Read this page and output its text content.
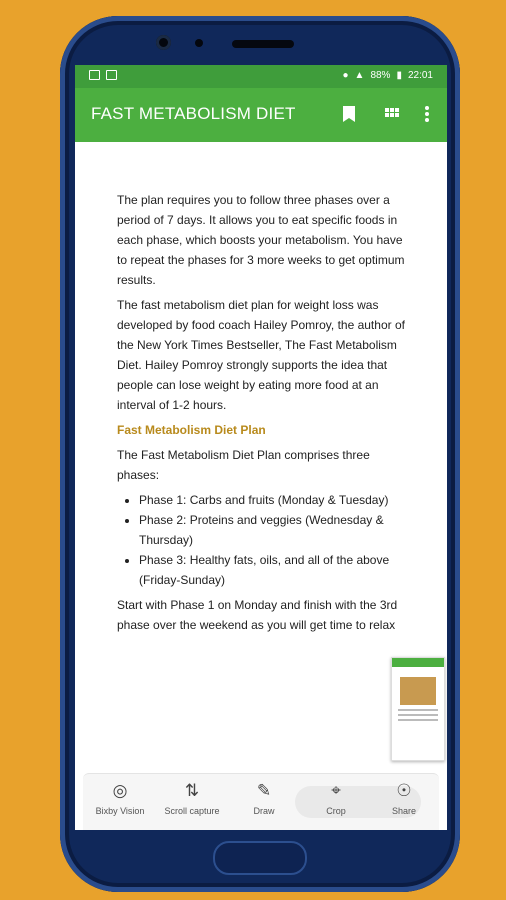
● ▲ 88% ▮ 22:01
FAST METABOLISM DIET

The plan requires you to follow three phases over a period of 7 days. It allows you to eat specific foods in each phase, which boosts your metabolism. You have to repeat the phases for 3 more weeks to get optimum results.

The fast metabolism diet plan for weight loss was developed by food coach Hailey Pomroy, the author of the New York Times Bestseller, The Fast Metabolism Diet. Hailey Pomroy strongly supports the idea that people can lose weight by eating more food at an interval of 1-2 hours.

Fast Metabolism Diet Plan

The Fast Metabolism Diet Plan comprises three phases:

• Phase 1: Carbs and fruits (Monday & Tuesday)
• Phase 2: Proteins and veggies (Wednesday & Thursday)
• Phase 3: Healthy fats, oils, and all of the above (Friday-Sunday)

Start with Phase 1 on Monday and finish with the 3rd phase over the weekend as you will get time to relax

◎
Bixby Vision
⇅
Scroll capture
✎
Draw
⌖
Crop
☉
Share
